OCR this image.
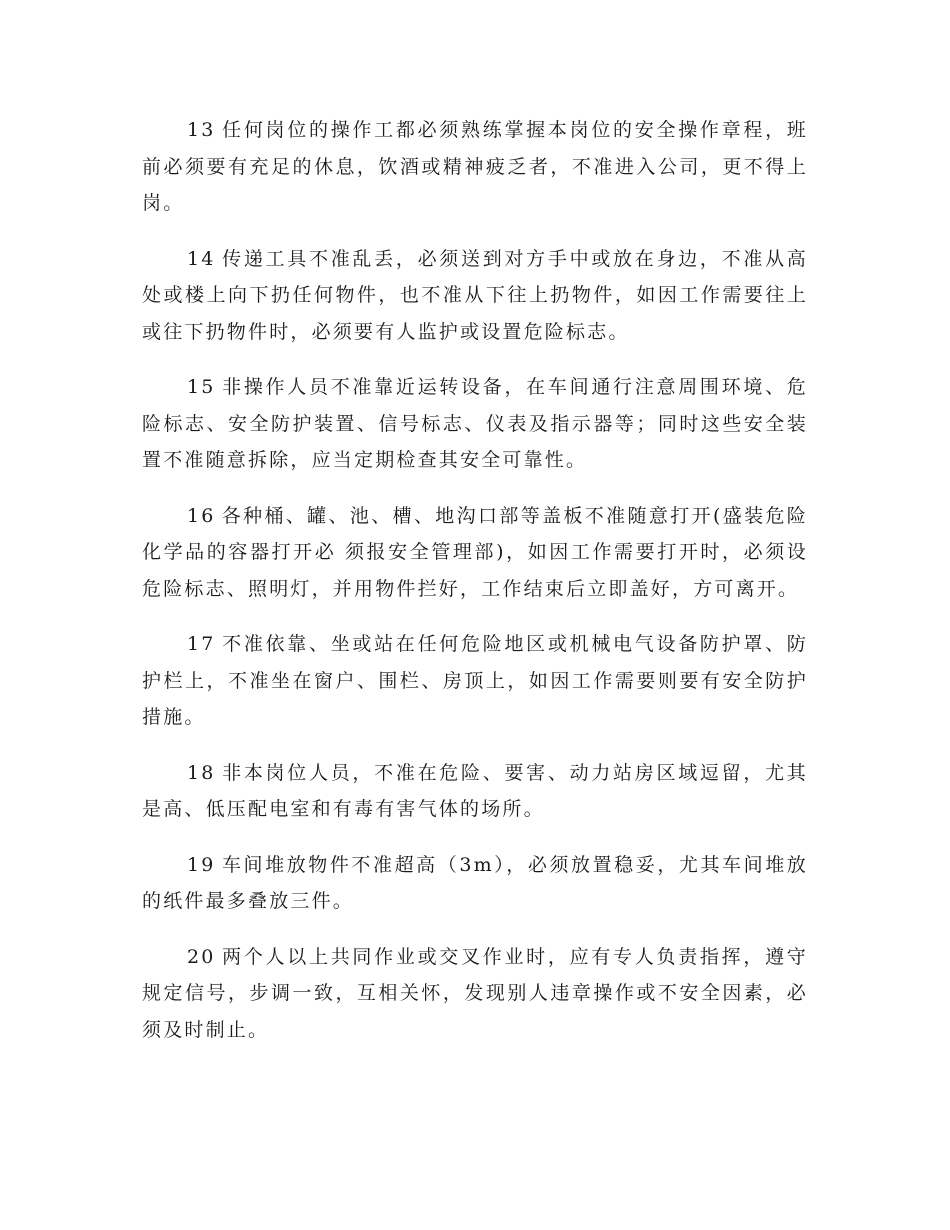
13 任何岗位的操作工都必须熟练掌握本岗位的安全操作章程，班前必须要有充足的休息，饮酒或精神疲乏者，不准进入公司，更不得上岗。

14 传递工具不准乱丢，必须送到对方手中或放在身边，不准从高处或楼上向下扔任何物件，也不准从下往上扔物件，如因工作需要往上或往下扔物件时，必须要有人监护或设置危险标志。

15 非操作人员不准靠近运转设备，在车间通行注意周围环境、危险标志、安全防护装置、信号标志、仪表及指示器等；同时这些安全装置不准随意拆除，应当定期检查其安全可靠性。

16 各种桶、罐、池、槽、地沟口部等盖板不准随意打开(盛装危险化学品的容器打开必 须报安全管理部)，如因工作需要打开时，必须设危险标志、照明灯，并用物件拦好，工作结束后立即盖好，方可离开。

17 不准依靠、坐或站在任何危险地区或机械电气设备防护罩、防护栏上，不准坐在窗户、围栏、房顶上，如因工作需要则要有安全防护措施。

18 非本岗位人员，不准在危险、要害、动力站房区域逗留，尤其是高、低压配电室和有毒有害气体的场所。

19 车间堆放物件不准超高（3m），必须放置稳妥，尤其车间堆放的纸件最多叠放三件。

20 两个人以上共同作业或交叉作业时，应有专人负责指挥，遵守规定信号，步调一致，互相关怀，发现别人违章操作或不安全因素，必须及时制止。
